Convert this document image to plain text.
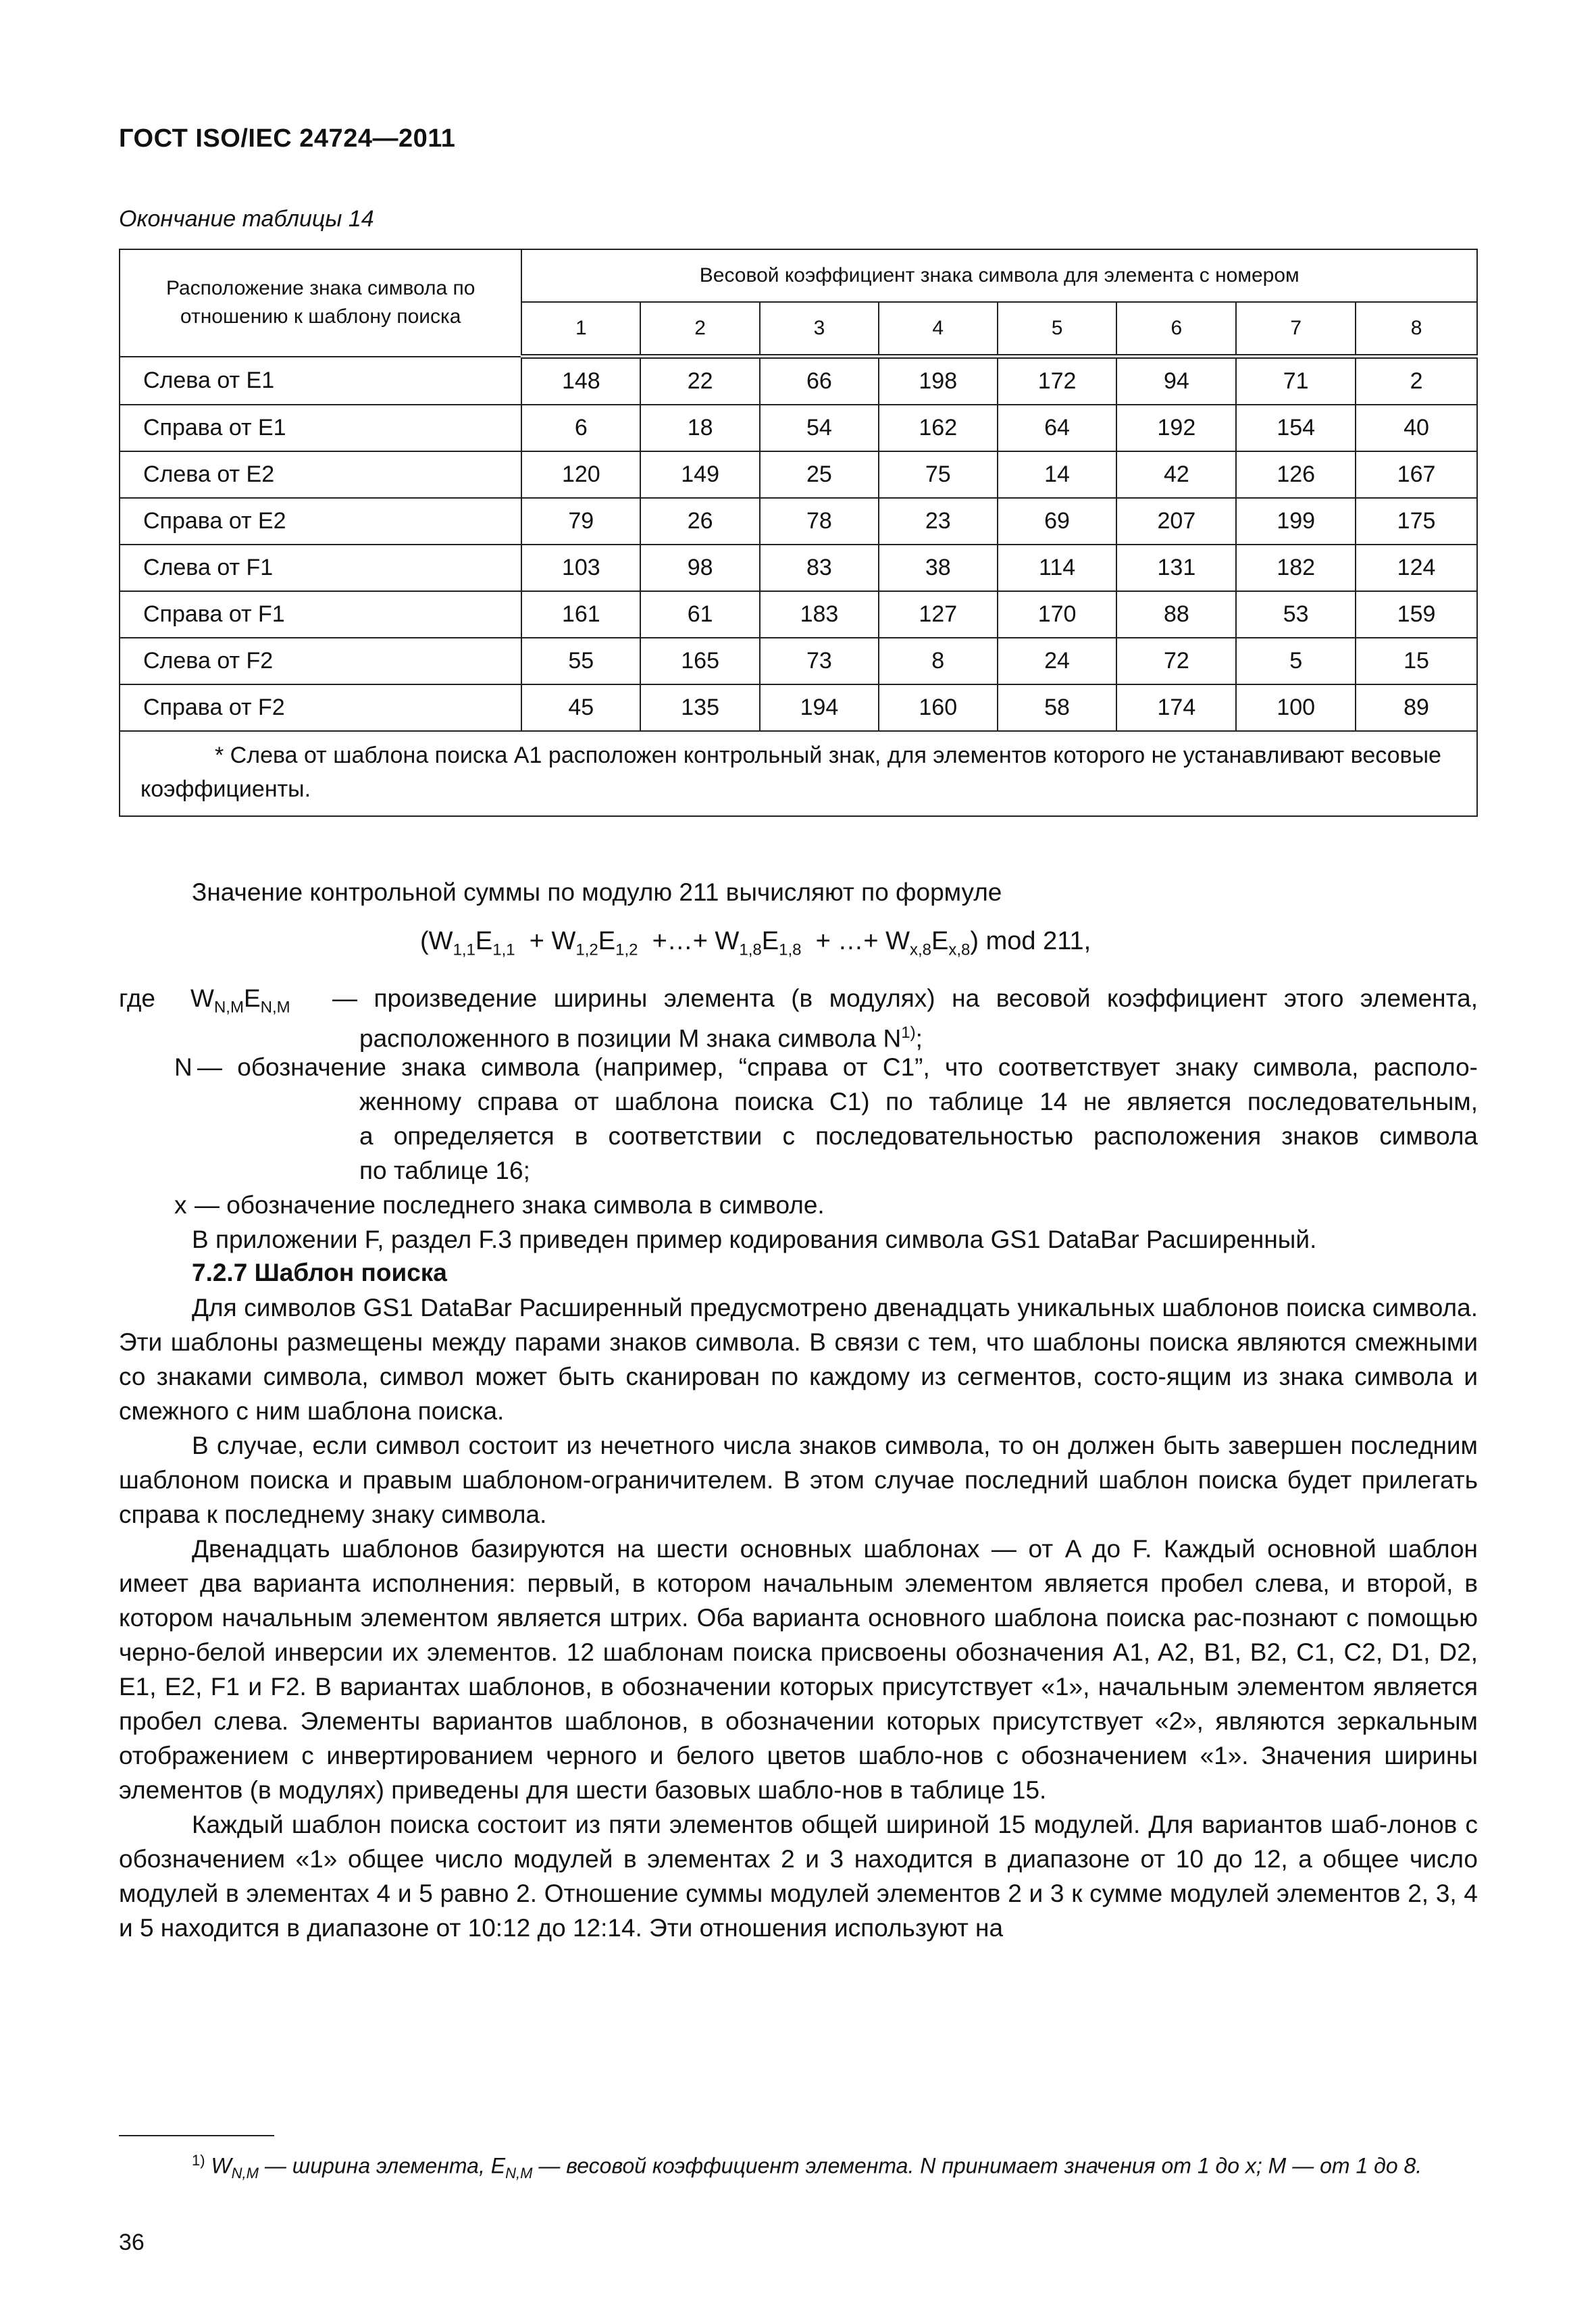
ГОСТ ISO/IEC 24724—2011
Окончание таблицы 14
Расположение знака символа по отношению к шаблону поиска	Весовой коэффициент знака символа для элемента с номером							
	1	2	3	4	5	6	7	8
Слева от E1	148	22	66	198	172	94	71	2
Справа от E1	6	18	54	162	64	192	154	40
Слева от E2	120	149	25	75	14	42	126	167
Справа от E2	79	26	78	23	69	207	199	175
Слева от F1	103	98	83	38	114	131	182	124
Справа от F1	161	61	183	127	170	88	53	159
Слева от F2	55	165	73	8	24	72	5	15
Справа от F2	45	135	194	160	58	174	100	89
* Слева от шаблона поиска A1 расположен контрольный знак, для элементов которого не устанавливают весовые коэффициенты.								
Значение контрольной суммы по модулю 211 вычисляют по формуле
($W_{1,1}E_{1,1} + W_{1,2}E_{1,2}$  +…+ $W_{1,8}E_{1,8}$  + …+ $W_{x,8}E_{x,8}$) mod 211,
где $W_{N,M}E_{N,M}$ — произведение ширины элемента (в модулях) на весовой коэффициент этого элемента,
расположенного в позиции M знака символа $N^{1)}$;
N — обозначение знака символа (например, “справа от C1”, что соответствует знаку символа, располо-
женному справа от шаблона поиска C1) по таблице 14 не является последовательным,
а определяется в соответствии с последовательностью расположения знаков символа
по таблице 16;
x — обозначение последнего знака символа в символе.
В приложении F, раздел F.3 приведен пример кодирования символа GS1 DataBar Расширенный.
7.2.7 Шаблон поиска

Для символов GS1 DataBar Расширенный предусмотрено двенадцать уникальных шаблонов поиска символа. Эти шаблоны размещены между парами знаков символа. В связи с тем, что шаблоны поиска являются смежными со знаками символа, символ может быть сканирован по каждому из сегментов, состо-ящим из знака символа и смежного с ним шаблона поиска.

В случае, если символ состоит из нечетного числа знаков символа, то он должен быть завершен последним шаблоном поиска и правым шаблоном-ограничителем. В этом случае последний шаблон поиска будет прилегать справа к последнему знаку символа.

Двенадцать шаблонов базируются на шести основных шаблонах — от A до F. Каждый основной шаблон имеет два варианта исполнения: первый, в котором начальным элементом является пробел слева, и второй, в котором начальным элементом является штрих. Оба варианта основного шаблона поиска рас-познают с помощью черно-белой инверсии их элементов. 12 шаблонам поиска присвоены обозначения A1, A2, B1, B2, C1, C2, D1, D2, E1, E2, F1 и F2. В вариантах шаблонов, в обозначении которых присутствует «1», начальным элементом является пробел слева. Элементы вариантов шаблонов, в обозначении которых присутствует «2», являются зеркальным отображением с инвертированием черного и белого цветов шабло-нов с обозначением «1». Значения ширины элементов (в модулях) приведены для шести базовых шабло-нов в таблице 15.

Каждый шаблон поиска состоит из пяти элементов общей шириной 15 модулей. Для вариантов шаб-лонов с обозначением «1» общее число модулей в элементах 2 и 3 находится в диапазоне от 10 до 12, а общее число модулей в элементах 4 и 5 равно 2. Отношение суммы модулей элементов 2 и 3 к сумме модулей элементов 2, 3, 4 и 5 находится в диапазоне от 10:12 до 12:14. Эти отношения используют на

$^{1)}$ $W_{N,M}$ — ширина элемента, $E_{N,M}$ — весовой коэффициент элемента. N принимает значения от 1 до x; M — от 1 до 8.
36
